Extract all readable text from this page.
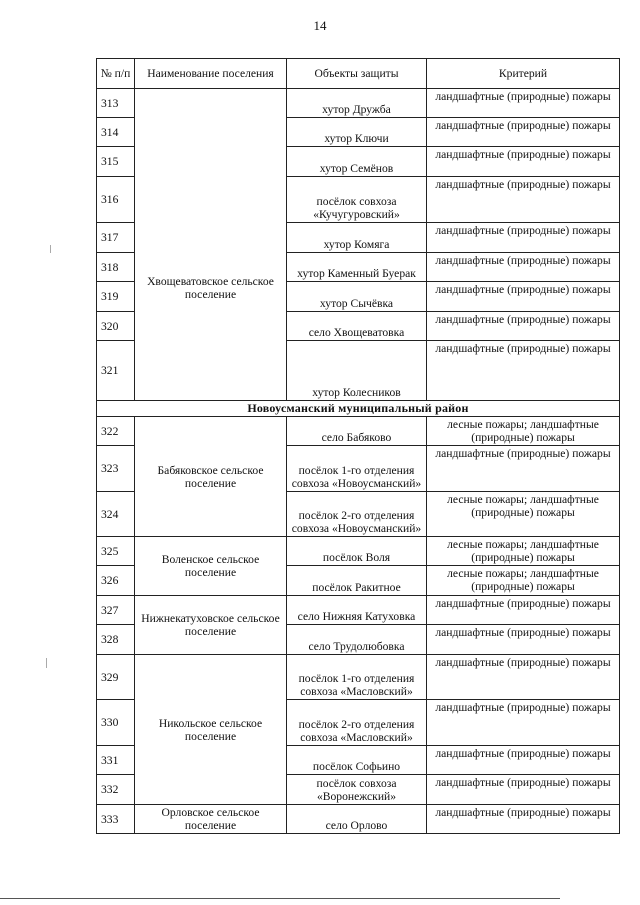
14
№ п/п	Наименование поселения	Объекты защиты	Критерий
313		хутор Дружба	ландшафтные (природные) пожары
314		хутор Ключи	ландшафтные (природные) пожары
315		хутор Семёнов	ландшафтные (природные) пожары
316	Хвощеватовское сельское поселение	посёлок совхоза «Кучугуровский»	ландшафтные (природные) пожары
317		хутор Комяга	ландшафтные (природные) пожары
318		хутор Каменный Буерак	ландшафтные (природные) пожары
319		хутор Сычёвка	ландшафтные (природные) пожары
320		село Хвощеватовка	ландшафтные (природные) пожары
321		хутор Колесников	ландшафтные (природные) пожары
Новоусманский муниципальный район			
322	Бабяковское сельское поселение	село Бабяково	лесные пожары; ландшафтные (природные) пожары
323		посёлок 1-го отделения совхоза «Новоусманский»	ландшафтные (природные) пожары
324		посёлок 2-го отделения совхоза «Новоусманский»	лесные пожары; ландшафтные (природные) пожары
325	Воленское сельское поселение	посёлок Воля	лесные пожары; ландшафтные (природные) пожары
326		посёлок Ракитное	лесные пожары; ландшафтные (природные) пожары
327	Нижнекатуховское сельское поселение	село Нижняя Катуховка	ландшафтные (природные) пожары
328		село Трудолюбовка	ландшафтные (природные) пожары
329	Никольское сельское поселение	посёлок 1-го отделения совхоза «Масловский»	ландшафтные (природные) пожары
330		посёлок 2-го отделения совхоза «Масловский»	ландшафтные (природные) пожары
331		посёлок Софьино	ландшафтные (природные) пожары
332		посёлок совхоза «Воронежский»	ландшафтные (природные) пожары
333	Орловское сельское поселение	село Орлово	ландшафтные (природные) пожары
